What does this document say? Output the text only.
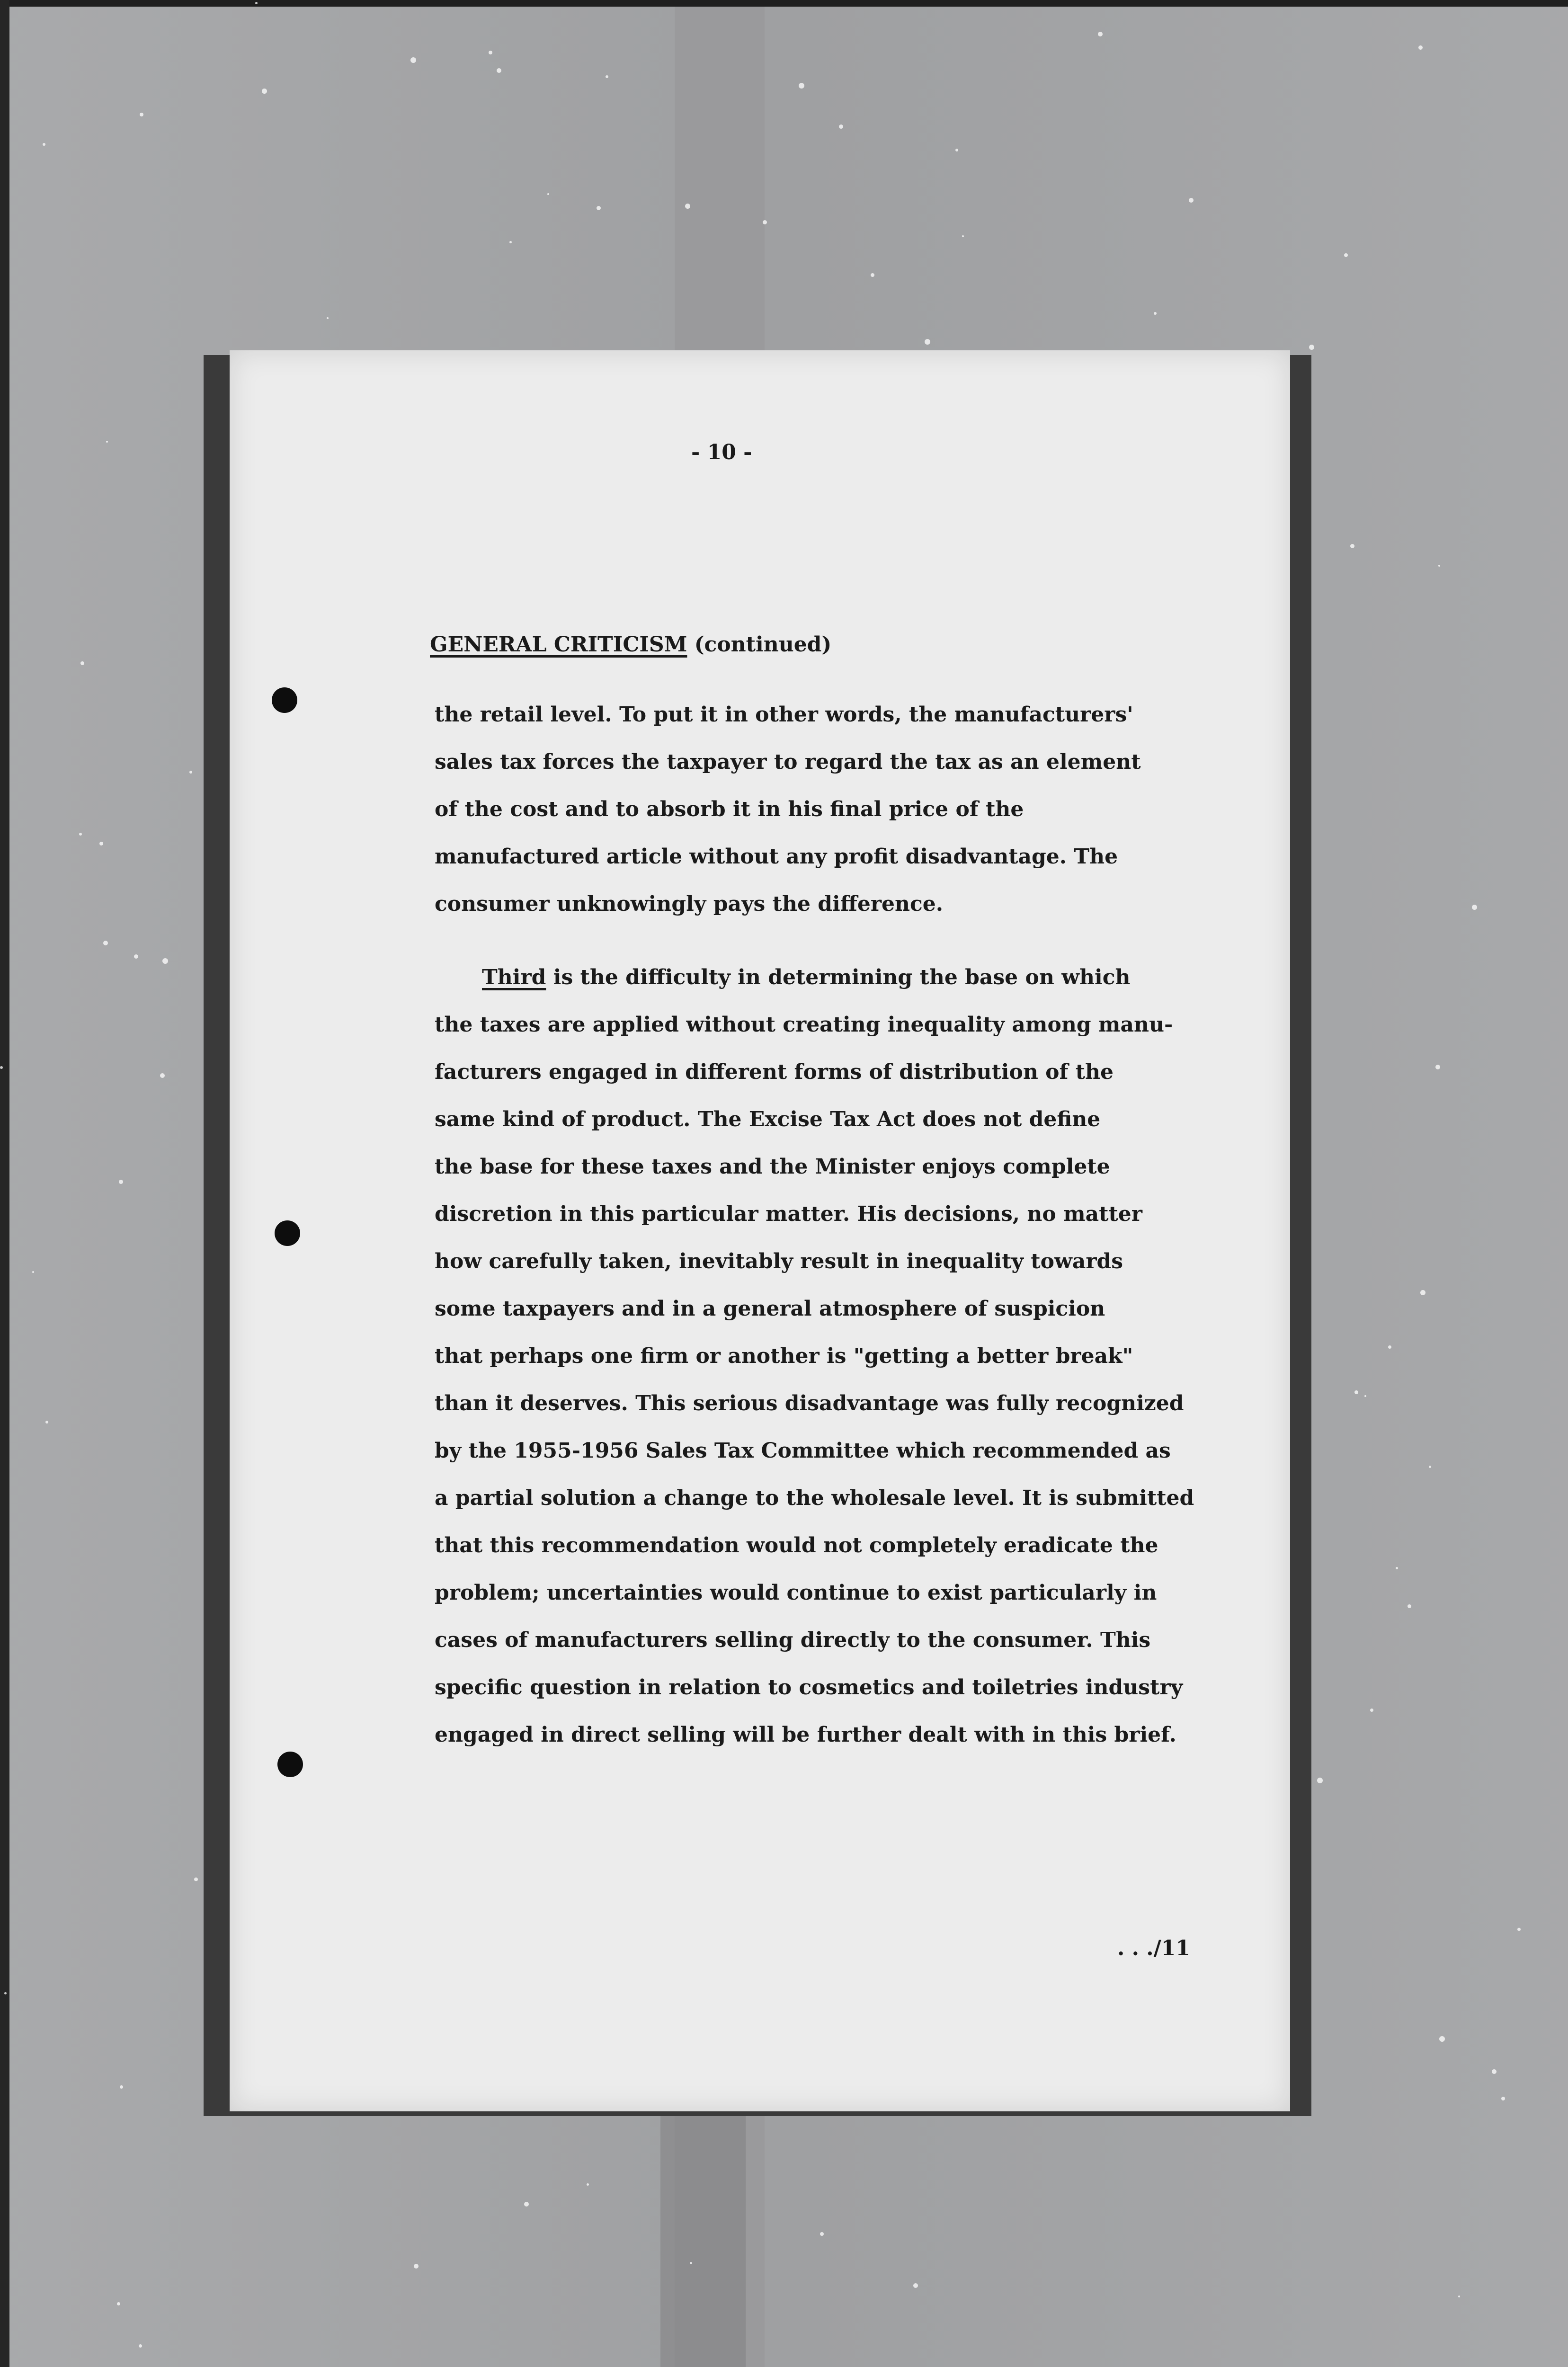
- 10 -
GENERAL CRITICISM (continued)
the retail level. To put it in other words, the manufacturers'
sales tax forces the taxpayer to regard the tax as an element
of the cost and to absorb it in his final price of the
manufactured article without any profit disadvantage. The
consumer unknowingly pays the difference.
Third is the difficulty in determining the base on which
the taxes are applied without creating inequality among manu-
facturers engaged in different forms of distribution of the
same kind of product. The Excise Tax Act does not define
the base for these taxes and the Minister enjoys complete
discretion in this particular matter. His decisions, no matter
how carefully taken, inevitably result in inequality towards
some taxpayers and in a general atmosphere of suspicion
that perhaps one firm or another is "getting a better break"
than it deserves. This serious disadvantage was fully recognized
by the 1955-1956 Sales Tax Committee which recommended as
a partial solution a change to the wholesale level. It is submitted
that this recommendation would not completely eradicate the
problem; uncertainties would continue to exist particularly in
cases of manufacturers selling directly to the consumer. This
specific question in relation to cosmetics and toiletries industry
engaged in direct selling will be further dealt with in this brief.
. . ./11
